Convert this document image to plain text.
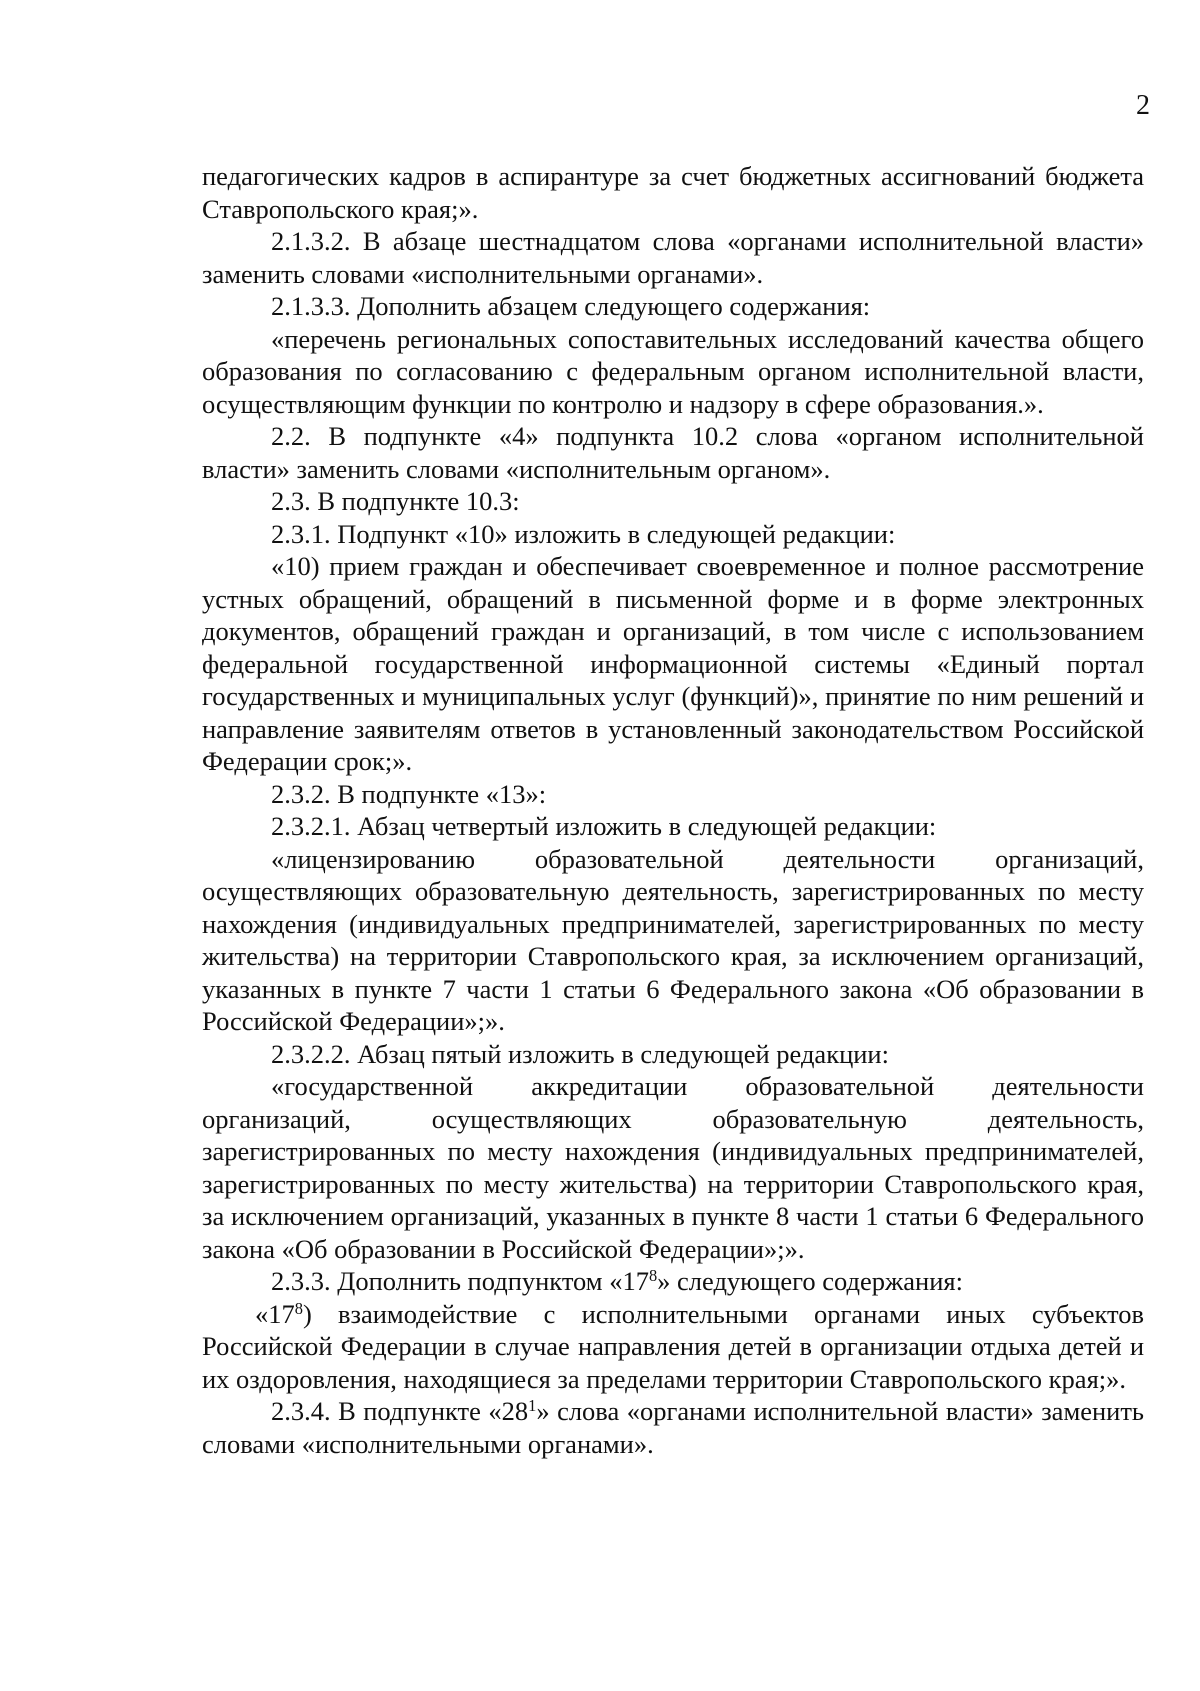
2

педагогических кадров в аспирантуре за счет бюджетных ассигнований бюджета Ставропольского края;».

2.1.3.2. В абзаце шестнадцатом слова «органами исполнительной власти» заменить словами «исполнительными органами».

2.1.3.3. Дополнить абзацем следующего содержания:

«перечень региональных сопоставительных исследований качества общего образования по согласованию с федеральным органом исполнительной власти, осуществляющим функции по контролю и надзору в сфере образования.».

2.2. В подпункте «4» подпункта 10.2 слова «органом исполнительной власти» заменить словами «исполнительным органом».

2.3. В подпункте 10.3:

2.3.1. Подпункт «10» изложить в следующей редакции:

«10) прием граждан и обеспечивает своевременное и полное рассмотрение устных обращений, обращений в письменной форме и в форме электронных документов, обращений граждан и организаций, в том числе с использованием федеральной государственной информационной системы «Единый портал государственных и муниципальных услуг (функций)», принятие по ним решений и направление заявителям ответов в установленный законодательством Российской Федерации срок;».

2.3.2. В подпункте «13»:

2.3.2.1. Абзац четвертый изложить в следующей редакции:

«лицензированию образовательной деятельности организаций, осуществляющих образовательную деятельность, зарегистрированных по месту нахождения (индивидуальных предпринимателей, зарегистрированных по месту жительства) на территории Ставропольского края, за исключением организаций, указанных в пункте 7 части 1 статьи 6 Федерального закона «Об образовании в Российской Федерации»;».

2.3.2.2. Абзац пятый изложить в следующей редакции:

«государственной аккредитации образовательной деятельности организаций, осуществляющих образовательную деятельность, зарегистрированных по месту нахождения (индивидуальных предпринимателей, зарегистрированных по месту жительства) на территории Ставропольского края, за исключением организаций, указанных в пункте 8 части 1 статьи 6 Федерального закона «Об образовании в Российской Федерации»;».

2.3.3. Дополнить подпунктом «$17^8$» следующего содержания:

«$17^8$) взаимодействие с исполнительными органами иных субъектов Российской Федерации в случае направления детей в организации отдыха детей и их оздоровления, находящиеся за пределами территории Ставропольского края;».

2.3.4. В подпункте «$28^1$» слова «органами исполнительной власти» заменить словами «исполнительными органами».
